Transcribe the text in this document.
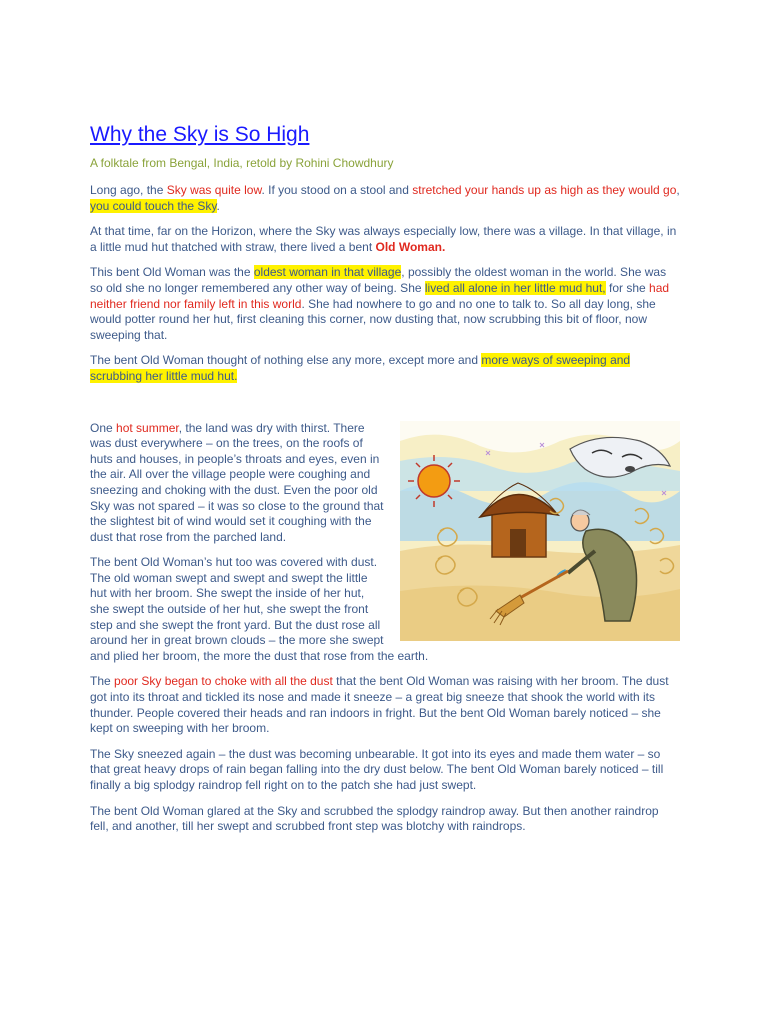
Why the Sky is So High
A folktale from Bengal, India, retold by Rohini Chowdhury

Long ago, the Sky was quite low. If you stood on a stool and stretched your hands up as high as they would go, you could touch the Sky.

At that time, far on the Horizon, where the Sky was always especially low, there was a village. In that village, in a little mud hut thatched with straw, there lived a bent Old Woman.

This bent Old Woman was the oldest woman in that village, possibly the oldest woman in the world. She was so old she no longer remembered any other way of being. She lived all alone in her little mud hut, for she had neither friend nor family left in this world. She had nowhere to go and no one to talk to. So all day long, she would potter round her hut, first cleaning this corner, now dusting that, now scrubbing this bit of floor, now sweeping that.

The bent Old Woman thought of nothing else any more, except more and more ways of sweeping and scrubbing her little mud hut.

One hot summer, the land was dry with thirst. There was dust everywhere – on the trees, on the roofs of huts and houses, in people’s throats and eyes, even in the air. All over the village people were coughing and sneezing and choking with the dust. Even the poor old Sky was not spared – it was so close to the ground that the slightest bit of wind would set it coughing with the dust that rose from the parched land.

The bent Old Woman’s hut too was covered with dust. The old woman swept and swept and swept the little hut with her broom. She swept the inside of her hut, she swept the outside of her hut, she swept the front step and she swept the front yard. But the dust rose all around her in great brown clouds – the more she swept and plied her broom, the more the dust that rose from the earth.

The poor Sky began to choke with all the dust that the bent Old Woman was raising with her broom. The dust got into its throat and tickled its nose and made it sneeze – a great big sneeze that shook the world with its thunder. People covered their heads and ran indoors in fright. But the bent Old Woman barely noticed – she kept on sweeping with her broom.

The Sky sneezed again – the dust was becoming unbearable. It got into its eyes and made them water – so that great heavy drops of rain began falling into the dry dust below. The bent Old Woman barely noticed – till finally a big splodgy raindrop fell right on to the patch she had just swept.

The bent Old Woman glared at the Sky and scrubbed the splodgy raindrop away. But then another raindrop fell, and another, till her swept and scrubbed front step was blotchy with raindrops.
